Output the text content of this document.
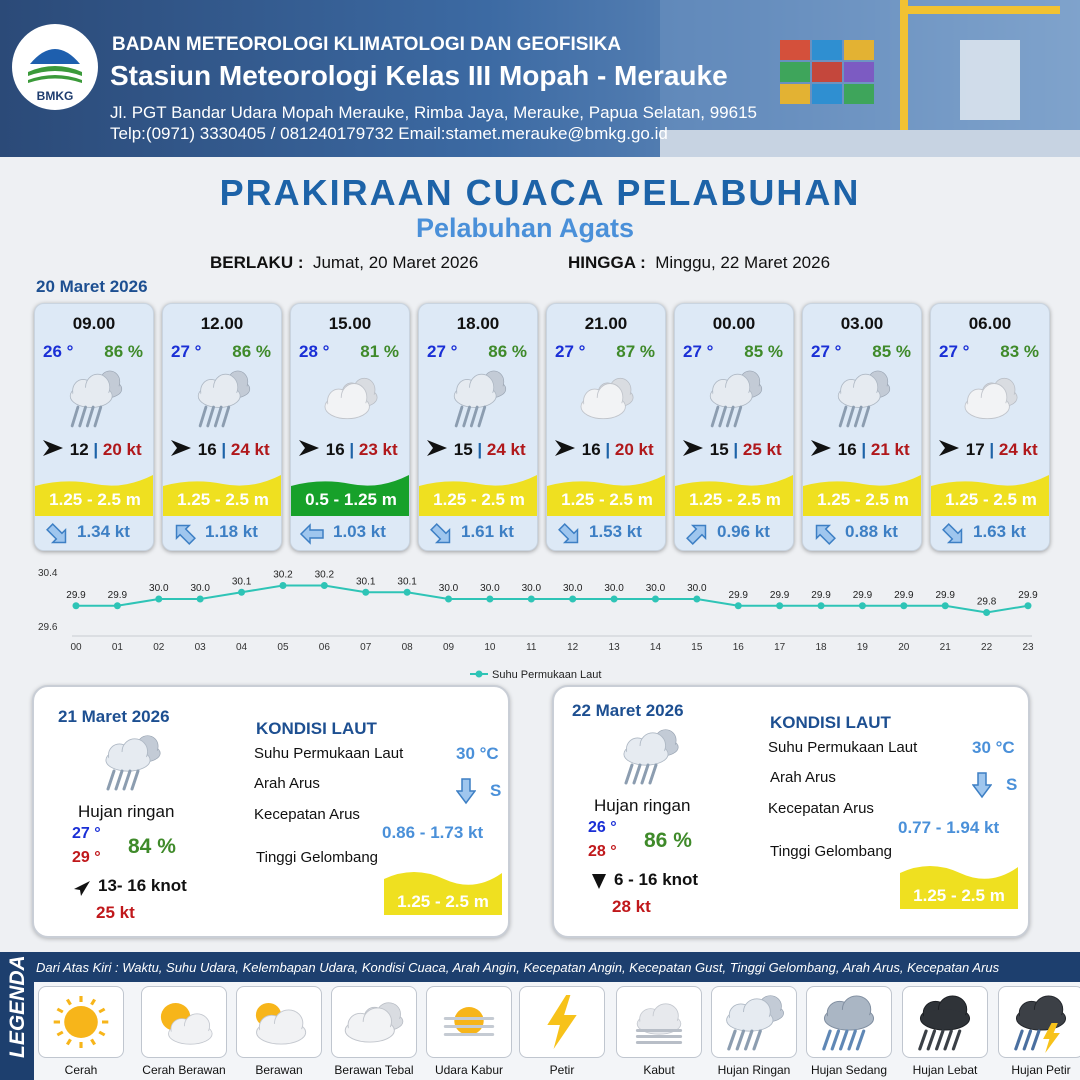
BMKG
BADAN METEOROLOGI KLIMATOLOGI DAN GEOFISIKA
Stasiun Meteorologi Kelas III Mopah - Merauke
Jl. PGT Bandar Udara Mopah Merauke, Rimba Jaya, Merauke, Papua Selatan, 99615
Telp:(0971) 3330405 / 081240179732 Email:stamet.merauke@bmkg.go.id
PRAKIRAAN CUACA PELABUHAN
Pelabuhan Agats
BERLAKU : Jumat, 20 Maret 2026	HINGGA : Minggu, 22 Maret 2026
20 Maret 2026
09.00
26 ° 86 %
12 | 20 kt
1.25 - 2.5 m
1.34 kt
12.00
27 ° 86 %
16 | 24 kt
1.25 - 2.5 m
1.18 kt
15.00
28 ° 81 %
16 | 23 kt
0.5 - 1.25 m
1.03 kt
18.00
27 ° 86 %
15 | 24 kt
1.25 - 2.5 m
1.61 kt
21.00
27 ° 87 %
16 | 20 kt
1.25 - 2.5 m
1.53 kt
00.00
27 ° 85 %
15 | 25 kt
1.25 - 2.5 m
0.96 kt
03.00
27 ° 85 %
16 | 21 kt
1.25 - 2.5 m
0.88 kt
06.00
27 ° 83 %
17 | 24 kt
1.25 - 2.5 m
1.63 kt
30.4
29.6
29.9
00
29.9
01
30.0
02
30.0
03
30.1
04
30.2
05
30.2
06
30.1
07
30.1
08
30.0
09
30.0
10
30.0
11
30.0
12
30.0
13
30.0
14
30.0
15
29.9
16
29.9
17
29.9
18
29.9
19
29.9
20
29.9
21
29.8
22
29.9
23
Suhu Permukaan Laut
21 Maret 2026
Hujan ringan
27 °
29 ° 84 %
13- 16 knot
25 kt
KONDISI LAUT
Suhu Permukaan Laut	30 °C
Arah Arus	S
Kecepatan Arus
0.86 - 1.73 kt
Tinggi Gelombang
1.25 - 2.5 m
22 Maret 2026
Hujan ringan
26 °
28 ° 86 %
6 - 16 knot
28 kt
KONDISI LAUT
Suhu Permukaan Laut	30 °C
Arah Arus	S
Kecepatan Arus
0.77 - 1.94 kt
Tinggi Gelombang
1.25 - 2.5 m
LEGENDA Dari Atas Kiri : Waktu, Suhu Udara, Kelembapan Udara, Kondisi Cuaca, Arah Angin, Kecepatan Angin, Kecepatan Gust, Tinggi Gelombang, Arah Arus, Kecepatan Arus
Cerah	Cerah Berawan	Berawan	Berawan Tebal	Udara Kabur	Petir	Kabut	Hujan Ringan	Hujan Sedang	Hujan Lebat	Hujan Petir
